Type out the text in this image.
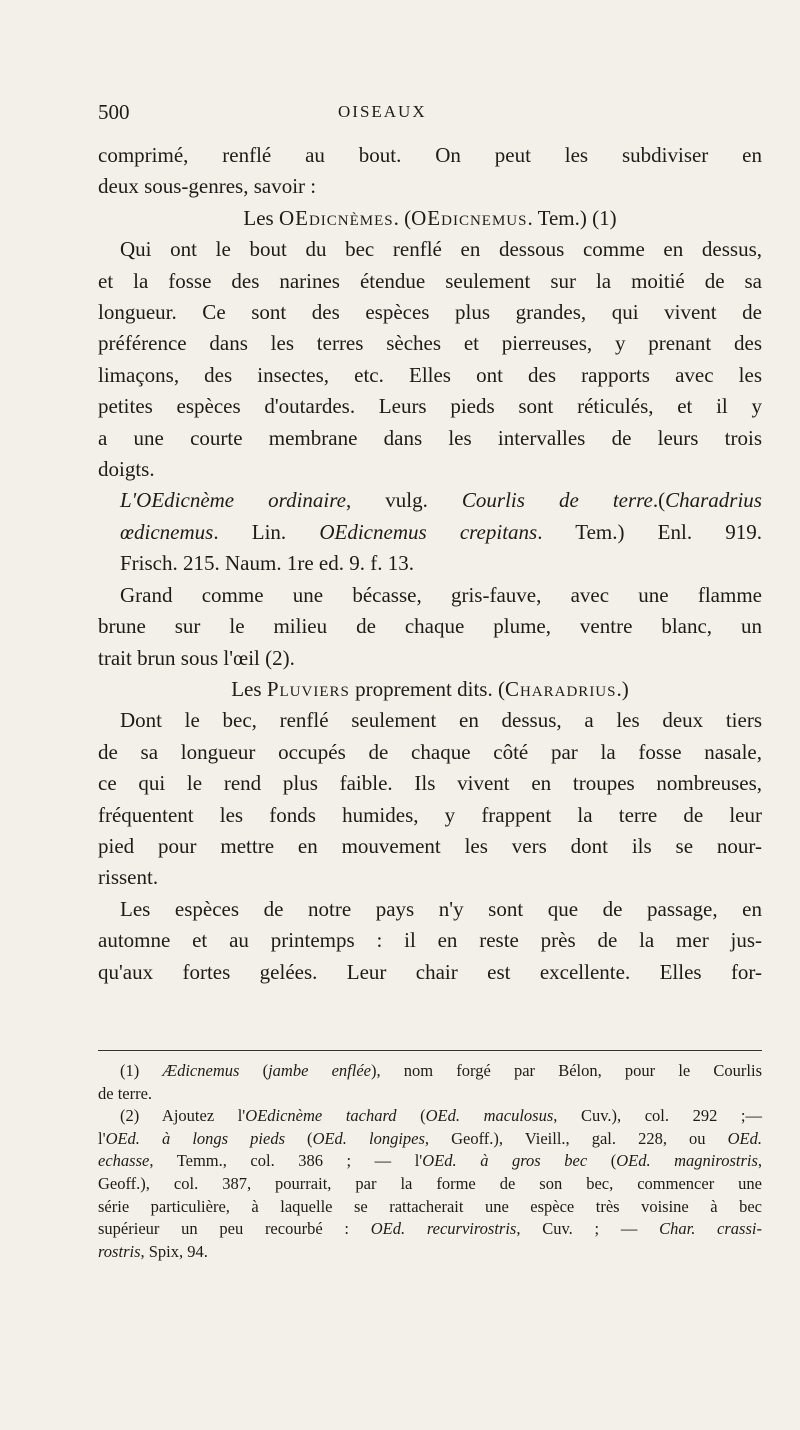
500	OISEAUX
comprimé, renflé au bout. On peut les subdiviser en
deux sous-genres, savoir :
Les OEdicnèmes. (OEdicnemus. Tem.) (1)
Qui ont le bout du bec renflé en dessous comme en dessus,
et la fosse des narines étendue seulement sur la moitié de sa
longueur. Ce sont des espèces plus grandes, qui vivent de
préférence dans les terres sèches et pierreuses, y prenant des
limaçons, des insectes, etc. Elles ont des rapports avec les
petites espèces d'outardes. Leurs pieds sont réticulés, et il y
a une courte membrane dans les intervalles de leurs trois
doigts.
L'OEdicnème ordinaire, vulg. Courlis de terre.(Charadrius
œdicnemus. Lin. OEdicnemus crepitans. Tem.) Enl. 919.
Frisch. 215. Naum. 1re ed. 9. f. 13.
Grand comme une bécasse, gris-fauve, avec une flamme
brune sur le milieu de chaque plume, ventre blanc, un
trait brun sous l'œil (2).
Les Pluviers proprement dits. (Charadrius.)
Dont le bec, renflé seulement en dessus, a les deux tiers
de sa longueur occupés de chaque côté par la fosse nasale,
ce qui le rend plus faible. Ils vivent en troupes nombreuses,
fréquentent les fonds humides, y frappent la terre de leur
pied pour mettre en mouvement les vers dont ils se nour-
rissent.
Les espèces de notre pays n'y sont que de passage, en
automne et au printemps : il en reste près de la mer jus-
qu'aux fortes gelées. Leur chair est excellente. Elles for-
(1) Ædicnemus (jambe enflée), nom forgé par Bélon, pour le Courlis
de terre.
(2) Ajoutez l'OEdicnème tachard (OEd. maculosus, Cuv.), col. 292 ;—
l'OEd. à longs pieds (OEd. longipes, Geoff.), Vieill., gal. 228, ou OEd.
echasse, Temm., col. 386 ; — l'OEd. à gros bec (OEd. magnirostris,
Geoff.), col. 387, pourrait, par la forme de son bec, commencer une
série particulière, à laquelle se rattacherait une espèce très voisine à bec
supérieur un peu recourbé : OEd. recurvirostris, Cuv. ; — Char. crassi-
rostris, Spix, 94.
